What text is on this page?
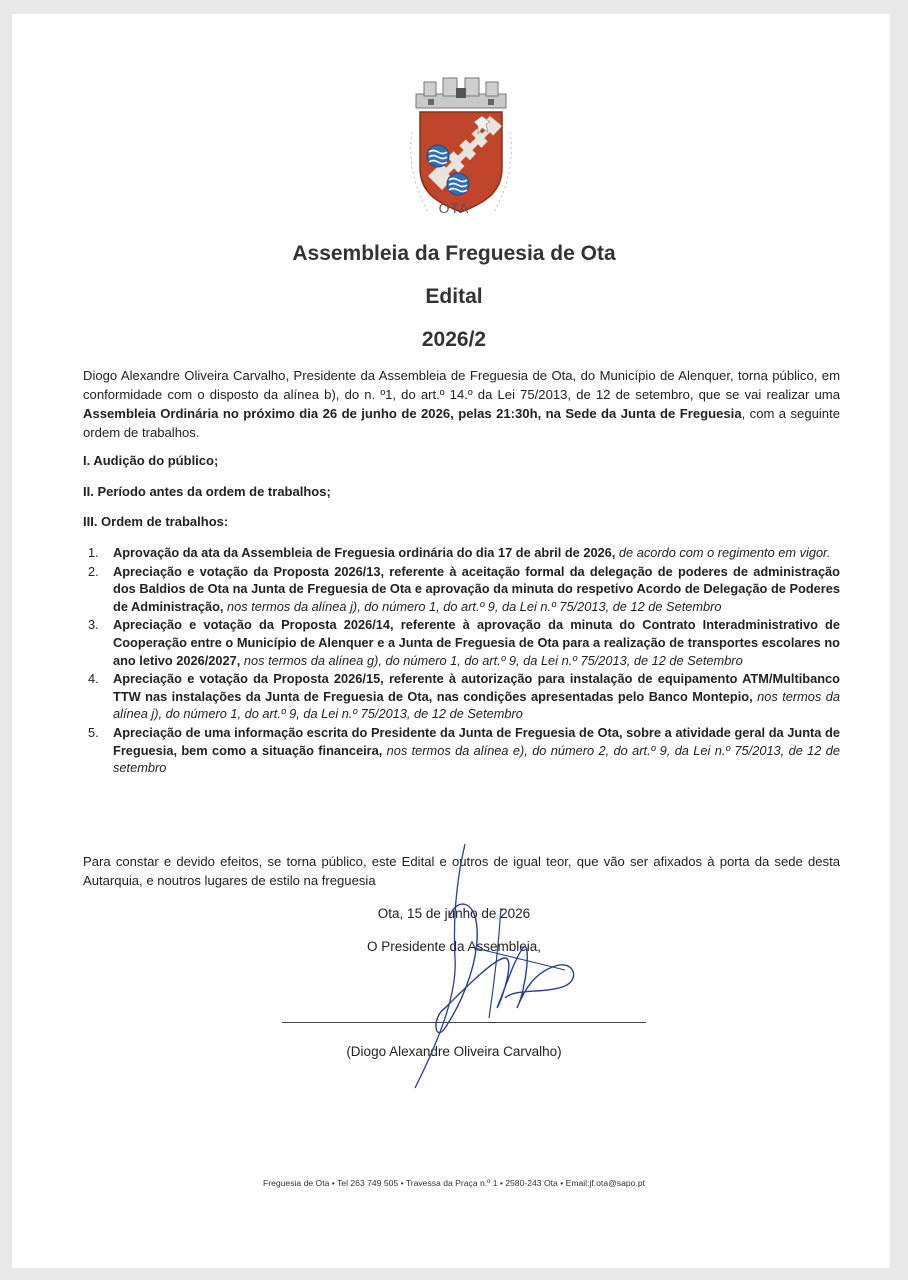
OTA
Assembleia da Freguesia de Ota
Edital
2026/2
Diogo Alexandre Oliveira Carvalho, Presidente da Assembleia de Freguesia de Ota, do Município de Alenquer, torna público, em conformidade com o disposto da alínea b), do n. º1, do art.º 14.º da Lei 75/2013, de 12 de setembro, que se vai realizar uma Assembleia Ordinária no próximo dia 26 de junho de 2026, pelas 21:30h, na Sede da Junta de Freguesia, com a seguinte ordem de trabalhos.
I. Audição do público;
II. Período antes da ordem de trabalhos;
III. Ordem de trabalhos:
1. Aprovação da ata da Assembleia de Freguesia ordinária do dia 17 de abril de 2026, de acordo com o regimento em vigor.
2. Apreciação e votação da Proposta 2026/13, referente à aceitação formal da delegação de poderes de administração dos Baldios de Ota na Junta de Freguesia de Ota e aprovação da minuta do respetivo Acordo de Delegação de Poderes de Administração, nos termos da alínea j), do número 1, do art.º 9, da Lei n.º 75/2013, de 12 de Setembro
3. Apreciação e votação da Proposta 2026/14, referente à aprovação da minuta do Contrato Interadministrativo de Cooperação entre o Município de Alenquer e a Junta de Freguesia de Ota para a realização de transportes escolares no ano letivo 2026/2027, nos termos da alínea g), do número 1, do art.º 9, da Lei n.º 75/2013, de 12 de Setembro
4. Apreciação e votação da Proposta 2026/15, referente à autorização para instalação de equipamento ATM/Multibanco TTW nas instalações da Junta de Freguesia de Ota, nas condições apresentadas pelo Banco Montepio, nos termos da alínea j), do número 1, do art.º 9, da Lei n.º 75/2013, de 12 de Setembro
5. Apreciação de uma informação escrita do Presidente da Junta de Freguesia de Ota, sobre a atividade geral da Junta de Freguesia, bem como a situação financeira, nos termos da alínea e), do número 2, do art.º 9, da Lei n.º 75/2013, de 12 de setembro
Para constar e devido efeitos, se torna público, este Edital e outros de igual teor, que vão ser afixados à porta da sede desta Autarquia, e noutros lugares de estilo na freguesia
Ota, 15 de junho de 2026
O Presidente da Assembleia,
(Diogo Alexandre Oliveira Carvalho)
Freguesia de Ota • Tel 263 749 505 • Travessa da Praça n.º 1 • 2580-243 Ota • Email:jf.ota@sapo.pt
